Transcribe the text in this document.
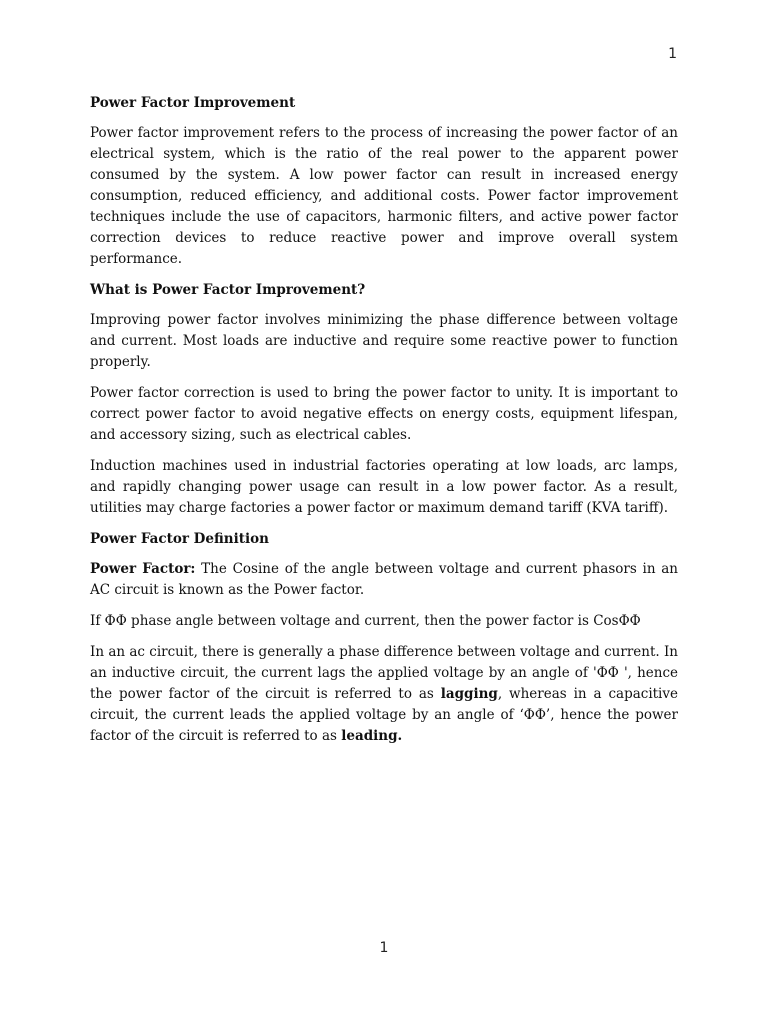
1
Power Factor Improvement

Power factor improvement refers to the process of increasing the power factor of an electrical system, which is the ratio of the real power to the apparent power consumed by the system. A low power factor can result in increased energy consumption, reduced efficiency, and additional costs. Power factor improvement techniques include the use of capacitors, harmonic filters, and active power factor correction devices to reduce reactive power and improve overall system performance.

What is Power Factor Improvement?

Improving power factor involves minimizing the phase difference between voltage and current. Most loads are inductive and require some reactive power to function properly.

Power factor correction is used to bring the power factor to unity. It is important to correct power factor to avoid negative effects on energy costs, equipment lifespan, and accessory sizing, such as electrical cables.

Induction machines used in industrial factories operating at low loads, arc lamps, and rapidly changing power usage can result in a low power factor. As a result, utilities may charge factories a power factor or maximum demand tariff (KVA tariff).

Power Factor Definition

Power Factor: The Cosine of the angle between voltage and current phasors in an AC circuit is known as the Power factor.

If ΦΦ phase angle between voltage and current, then the power factor is CosΦΦ

In an ac circuit, there is generally a phase difference between voltage and current. In an inductive circuit, the current lags the applied voltage by an angle of 'ΦΦ ', hence the power factor of the circuit is referred to as lagging, whereas in a capacitive circuit, the current leads the applied voltage by an angle of ‘ΦΦ’, hence the power factor of the circuit is referred to as leading.

1
